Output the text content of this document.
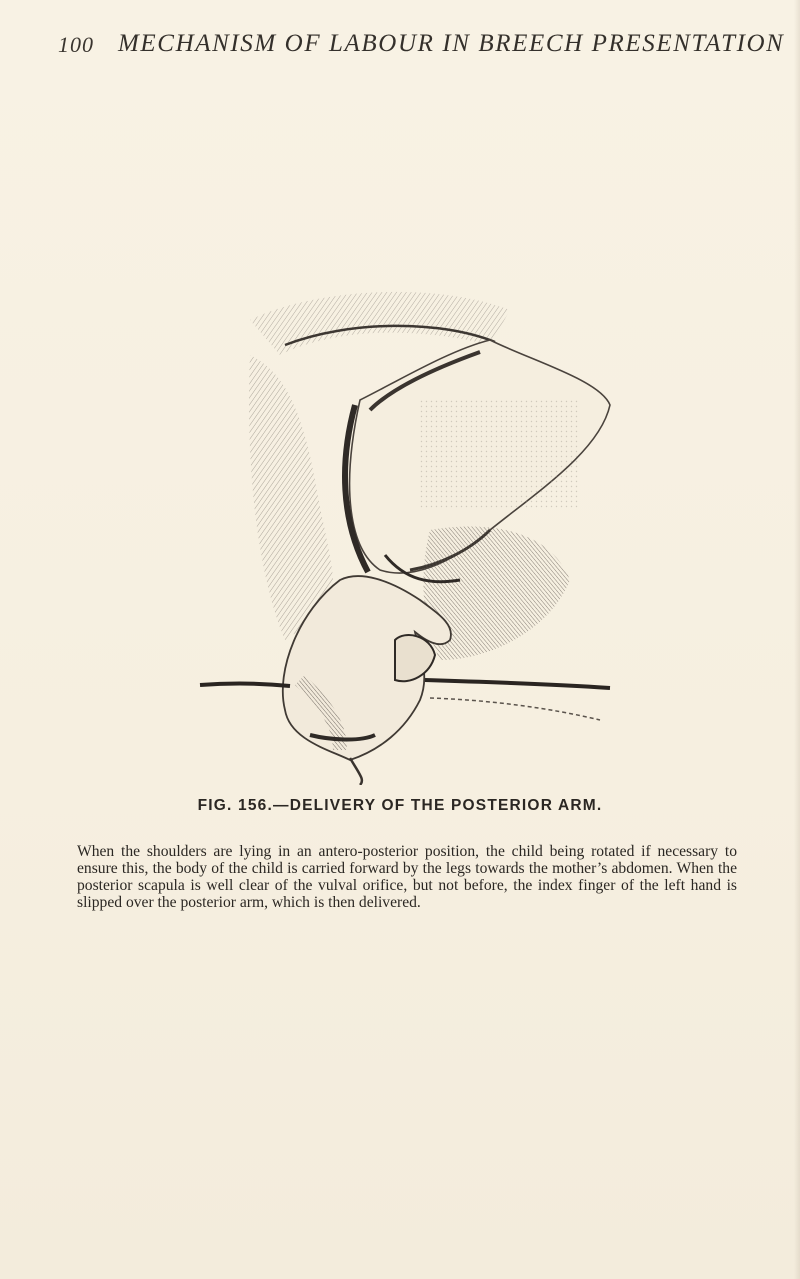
100 MECHANISM OF LABOUR IN BREECH PRESENTATION
FIG. 156.—DELIVERY OF THE POSTERIOR ARM.

When the shoulders are lying in an antero-posterior position, the child being rotated if necessary to ensure this, the body of the child is carried forward by the legs towards the mother’s abdomen. When the posterior scapula is well clear of the vulval orifice, but not before, the index finger of the left hand is slipped over the posterior arm, which is then delivered.
